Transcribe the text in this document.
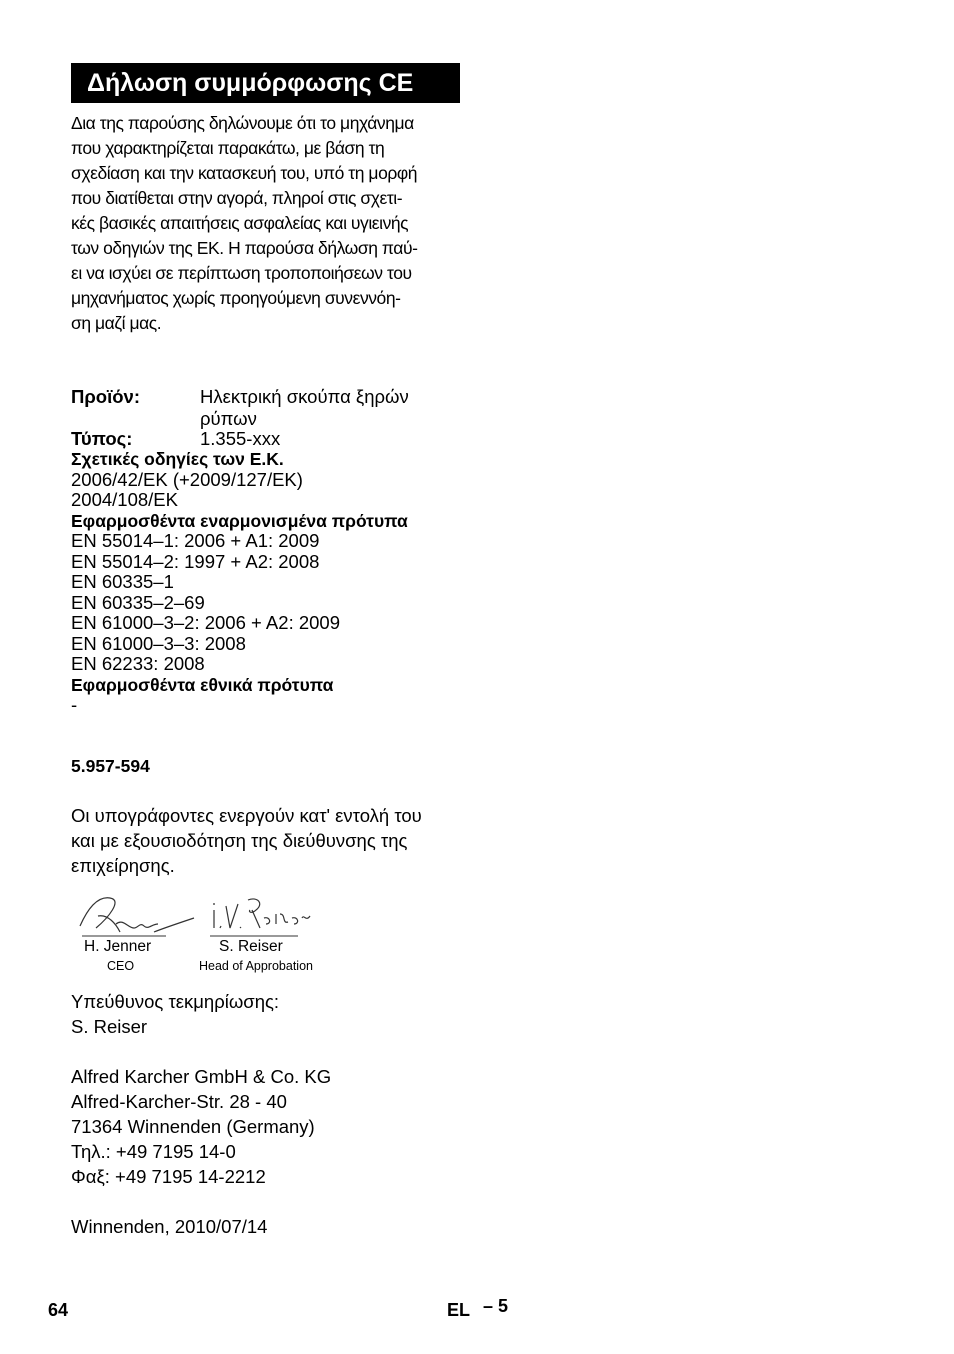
Δήλωση συμμόρφωσης CE
Δια της παρούσης δηλώνουμε ότι το μηχάνημα
που χαρακτηρίζεται παρακάτω, με βάση τη
σχεδίαση και την κατασκευή του, υπό τη μορφή
που διατίθεται στην αγορά, πληροί στις σχετι-
κές βασικές απαιτήσεις ασφαλείας και υγιεινής
των οδηγιών της ΕΚ. Η παρούσα δήλωση παύ-
ει να ισχύει σε περίπτωση τροποποιήσεων του
μηχανήματος χωρίς προηγούμενη συνεννόη-
ση μαζί μας.
Προϊόν:	Ηλεκτρική σκούπα ξηρών
ρύπων
Τύπος:	1.355-xxx
Σχετικές οδηγίες των Ε.Κ.
2006/42/ΕΚ (+2009/127/ΕΚ)
2004/108/ΕΚ
Εφαρμοσθέντα εναρμονισμένα πρότυπα
EN 55014–1: 2006 + A1: 2009
EN 55014–2: 1997 + A2: 2008
EN 60335–1
EN 60335–2–69
EN 61000–3–2: 2006 + A2: 2009
EN 61000–3–3: 2008
EN 62233: 2008
Εφαρμοσθέντα εθνικά πρότυπα
-
5.957-594
Οι υπογράφοντες ενεργούν κατ' εντολή του
και με εξουσιοδότηση της διεύθυνσης της
επιχείρησης.
H. Jenner	S. Reiser
CEO	Head of Approbation
Υπεύθυνος τεκμηρίωσης:
S. Reiser
Alfred Karcher GmbH & Co. KG
Alfred-Karcher-Str. 28 - 40
71364 Winnenden (Germany)
Τηλ.: +49 7195 14-0
Φαξ: +49 7195 14-2212
Winnenden, 2010/07/14
64	EL – 5
